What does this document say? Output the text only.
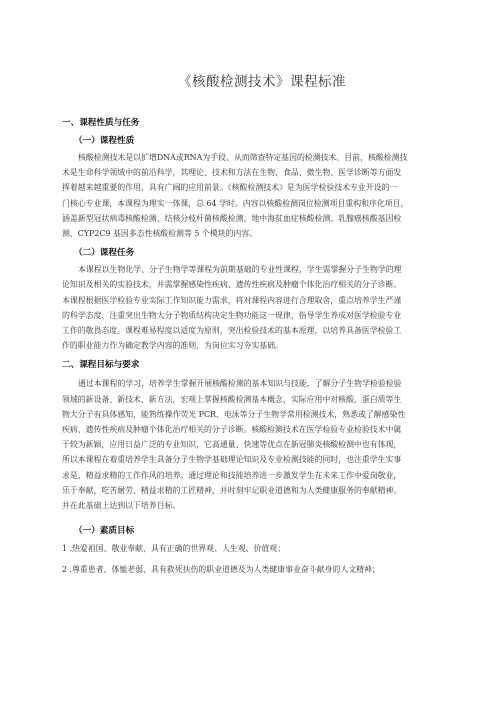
《核酸检测技术》课程标准
一、课程性质与任务
（一）课程性质
核酸检测技术是以扩增DNA或RNA为手段，从而筛查特定基因的检测技术。目前，核酸检测技
术是生命科学领域中的前沿科学，其理论、技术和方法在生物、食品、微生物、医学诊断等方面发
挥着越来越重要的作用，具有广阔的应用前景。《核酸检测技术》是为医学检验技术专业开设的一
门核心专业课，本课程为理实一体课，总 64 学时。内容以核酸检测岗位检测项目重构和序化项目，
涵盖新型冠状病毒核酸检测、结核分枝杆菌核酸检测、地中海贫血症核酸检测、乳腺癌核酸基因检
测、CYP2C9 基因多态性核酸检测等 5 个模块的内容。
（二）课程任务
本课程以生物化学、分子生物学等课程为前期基础的专业性课程，学生需掌握分子生物学的理
论知识及相关的实验技术，并需掌握感染性疾病、遗传性疾病及肿瘤个体化治疗相关的分子诊断。
本课程根据医学检验专业实际工作知识能力需求，将对课程内容进行合理取舍，重点培养学生严谨
的科学态度，注重突出生物大分子物质结构决定生物功能这一规律，指导学生养成对医学检验专业
工作的敬畏态度。课程难易程度以适度为原则，突出检验技术的基本原理，以培养具备医学检验工
作的职业能力作为确定教学内容的准则，为岗位实习夯实基础。
二、课程目标与要求
通过本课程的学习，培养学生掌握开展核酸检测的基本知识与技能，了解分子生物学检验检验
领域的新设备、新技术、新方法，宏观上掌握核酸检测基本概念，实际应用中对核酸、蛋白质等生
物大分子有具体感知，能熟练操作荧光 PCR、电泳等分子生物学常用检测技术，熟悉或了解感染性
疾病、遗传性疾病及肿瘤个体化治疗相关的分子诊断。核酸检测技术在医学检验专业检验技术中属
于较为新颖，应用日益广泛的专业知识，它高通量、快速等优点在新冠肺炎核酸检测中也有体现，
所以本课程在着重培养学生具备分子生物学基础理论知识及专业检测技能的同时，也注重学生实事
求是、精益求精的工作作风的培养。通过理论和技能培养进一步激发学生在未来工作中爱岗敬业，
乐于奉献，吃苦耐劳、精益求精的工匠精神，并时刻牢记职业道德和为人类健康服务的奉献精神。
并在此基础上达到以下培养目标。
（一）素质目标
1 .热爱祖国、敬业奉献，具有正确的世界观、人生观、价值观；
2 .尊重患者、体恤老弱，具有救死扶伤的职业道德及为人类健康事业奋斗献身的人文精神；
